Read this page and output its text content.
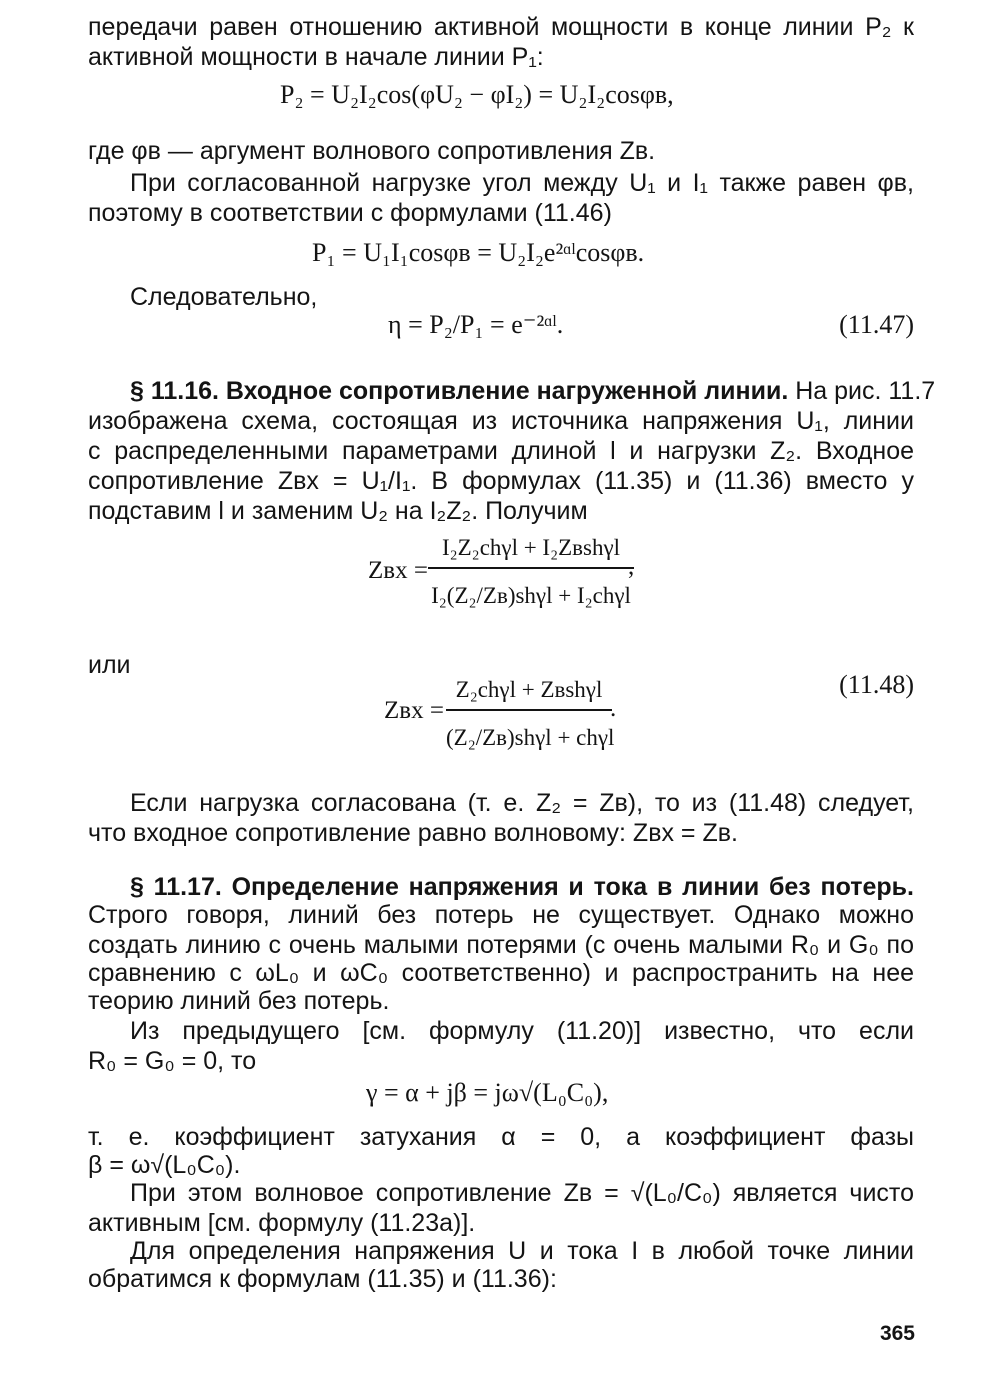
передачи равен отношению активной мощности в конце линии P₂ к
активной мощности в начале линии P₁:
P₂ = U₂I₂cos(φU₂ − φI₂) = U₂I₂cosφв,
где φв — аргумент волнового сопротивления Zв.
При согласованной нагрузке угол между U₁ и I₁ также равен φв,
поэтому в соответствии с формулами (11.46)
P₁ = U₁I₁cosφв = U₂I₂e²ᵅˡcosφв.
Следовательно,
η = P₂/P₁ = e⁻²ᵅˡ.	(11.47)
§ 11.16. Входное сопротивление нагруженной линии. На рис. 11.7
изображена схема, состоящая из источника напряжения U₁, линии
с распределенными параметрами длиной l и нагрузки Z₂. Входное
сопротивление Zвх = U₁/I₁. В формулах (11.35) и (11.36) вместо y
подставим l и заменим U₂ на I₂Z₂. Получим
Zвх =
I₂Z₂chγl + I₂Zвshγl
I₂(Z₂/Zв)shγl + I₂chγl
,
или
Zвх =
Z₂chγl + Zвshγl
(Z₂/Zв)shγl + chγl
.
(11.48)
Если нагрузка согласована (т. е. Z₂ = Zв), то из (11.48) следует,
что входное сопротивление равно волновому: Zвх = Zв.
§ 11.17. Определение напряжения и тока в линии без потерь.
Строго говоря, линий без потерь не существует. Однако можно
создать линию с очень малыми потерями (с очень малыми R₀ и G₀ по
сравнению с ωL₀ и ωC₀ соответственно) и распространить на нее
теорию линий без потерь.
Из предыдущего [см. формулу (11.20)] известно, что если
R₀ = G₀ = 0, то
γ = α + jβ = jω√(L₀C₀),
т. е. коэффициент затухания α = 0, а коэффициент фазы
β = ω√(L₀C₀).
При этом волновое сопротивление Zв = √(L₀/C₀) является чисто
активным [см. формулу (11.23а)].
Для определения напряжения U и тока I в любой точке линии
обратимся к формулам (11.35) и (11.36):
365
